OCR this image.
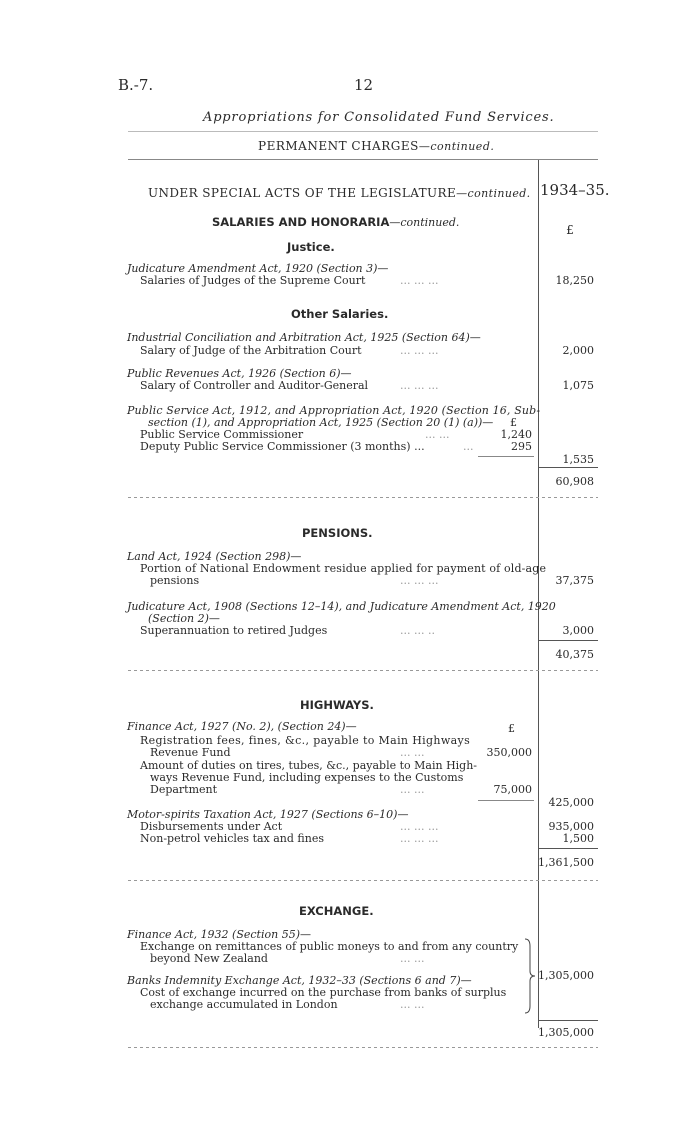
B.-7.	12
Appropriations for Consolidated Fund Services.
PERMANENT CHARGES—continued.
1934–35.
£
UNDER SPECIAL ACTS OF THE LEGISLATURE—continued.
SALARIES AND HONORARIA—continued.
Justice.
Judicature Amendment Act, 1920 (Section 3)—
Salaries of Judges of the Supreme Court	... ... ...	18,250
Other Salaries.
Industrial Conciliation and Arbitration Act, 1925 (Section 64)—
Salary of Judge of the Arbitration Court	... ... ...	2,000
Public Revenues Act, 1926 (Section 6)—
Salary of Controller and Auditor-General	... ... ...	1,075
Public Service Act, 1912, and Appropriation Act, 1920 (Section 16, Sub-
section (1), and Appropriation Act, 1925 (Section 20 (1) (a))— £
Public Service Commissioner	... ...	1,240
Deputy Public Service Commissioner (3 months) ...	...	295
1,535
60,908
PENSIONS.
Land Act, 1924 (Section 298)—
Portion of National Endowment residue applied for payment of old-age
pensions	... ... ...	37,375
Judicature Act, 1908 (Sections 12–14), and Judicature Amendment Act, 1920
(Section 2)—
Superannuation to retired Judges	... ... ..	3,000
40,375
HIGHWAYS.
Finance Act, 1927 (No. 2), (Section 24)—	£
Registration fees, fines, &c., payable to Main Highways
Revenue Fund	... ...	350,000
Amount of duties on tires, tubes, &c., payable to Main High-
ways Revenue Fund, including expenses to the Customs
Department	... ...	75,000
425,000
Motor-spirits Taxation Act, 1927 (Sections 6–10)—
Disbursements under Act	... ... ...	935,000
Non-petrol vehicles tax and fines	... ... ...	1,500
1,361,500
EXCHANGE.
Finance Act, 1932 (Section 55)—
Exchange on remittances of public moneys to and from any country
beyond New Zealand	... ...
Banks Indemnity Exchange Act, 1932–33 (Sections 6 and 7)—
Cost of exchange incurred on the purchase from banks of surplus
exchange accumulated in London	... ...
1,305,000
1,305,000
